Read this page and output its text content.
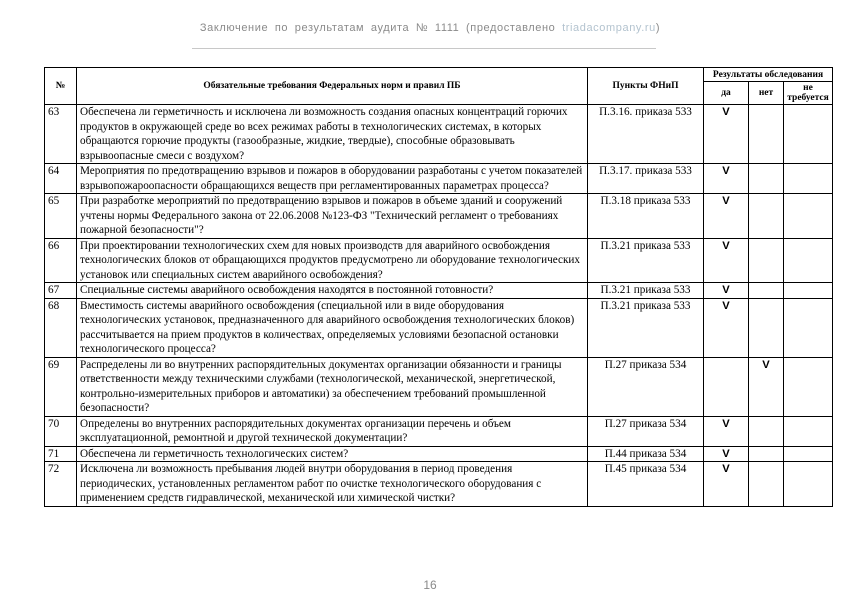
Заключение по результатам аудита № 1111 (предоставлено triadacompany.ru)
№	Обязательные требования Федеральных норм и правил ПБ	Пункты ФНиП	Результаты обследования		
			да	нет	не требуется
63	Обеспечена ли герметичность и исключена ли возможность создания опасных концентраций горючих продуктов в окружающей среде во всех режимах работы в технологических системах, в которых обращаются горючие продукты (газообразные, жидкие, твердые), способные образовывать взрывоопасные смеси с воздухом?	П.3.16. приказа 533	V		
64	Мероприятия по предотвращению взрывов и пожаров в оборудовании разработаны с учетом показателей взрывопожароопасности обращающихся веществ при регламентированных параметрах процесса?	П.3.17. приказа 533	V		
65	При разработке мероприятий по предотвращению взрывов и пожаров в объеме зданий и сооружений учтены нормы Федерального закона от 22.06.2008 №123-ФЗ "Технический регламент о требованиях пожарной безопасности"?	П.3.18 приказа 533	V		
66	При проектировании технологических схем для новых производств для аварийного освобождения технологических блоков от обращающихся продуктов предусмотрено ли оборудование технологических установок или специальных систем аварийного освобождения?	П.3.21 приказа 533	V		
67	Специальные системы аварийного освобождения находятся в постоянной готовности?	П.3.21 приказа 533	V		
68	Вместимость системы аварийного освобождения (специальной или в виде оборудования технологических установок, предназначенного для аварийного освобождения технологических блоков) рассчитывается на прием продуктов в количествах, определяемых условиями безопасной остановки технологического процесса?	П.3.21 приказа 533	V		
69	Распределены ли во внутренних распорядительных документах организации обязанности и границы ответственности между техническими службами (технологической, механической, энергетической, контрольно-измерительных приборов и автоматики) за обеспечением требований промышленной безопасности?	П.27 приказа 534		V	
70	Определены во внутренних распорядительных документах организации перечень и объем эксплуатационной, ремонтной и другой технической документации?	П.27 приказа 534	V		
71	Обеспечена ли герметичность технологических систем?	П.44 приказа 534	V		
72	Исключена ли возможность пребывания людей внутри оборудования в период проведения периодических, установленных регламентом работ по очистке технологического оборудования с применением средств гидравлической, механической или химической чистки?	П.45 приказа 534	V		
16
